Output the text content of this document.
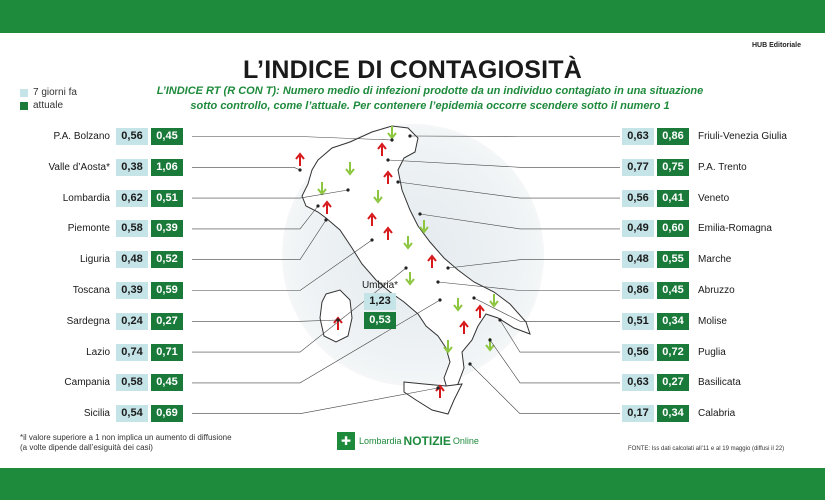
HUB Editoriale
L’INDICE DI CONTAGIOSITÀ
L’INDICE RT (R CON T): Numero medio di infezioni prodotte da un individuo contagiato in una situazione
sotto controllo, come l’attuale. Per contenere l’epidemia occorre scendere sotto il numero 1
7 giorni fa
attuale
P.A. Bolzano	0,56	0,45
Valle d’Aosta*	0,38	1,06
Lombardia	0,62	0,51
Piemonte	0,58	0,39
Liguria	0,48	0,52
Toscana	0,39	0,59
Sardegna	0,24	0,27
Lazio	0,74	0,71
Campania	0,58	0,45
Sicilia	0,54	0,69
0,63	0,86	Friuli-Venezia Giulia
0,77	0,75	P.A. Trento
0,56	0,41	Veneto
0,49	0,60	Emilia-Romagna
0,48	0,55	Marche
0,86	0,45	Abruzzo
0,51	0,34	Molise
0,56	0,72	Puglia
0,63	0,27	Basilicata
0,17	0,34	Calabria
Umbria*
1,23
0,53
*il valore superiore a 1 non implica un aumento di diffusione
(a volte dipende dall’esiguità dei casi)	✚ Lombardia NOTIZIE Online
FONTE: Iss dati calcolati all’11 e al 19 maggio (diffusi il 22)
